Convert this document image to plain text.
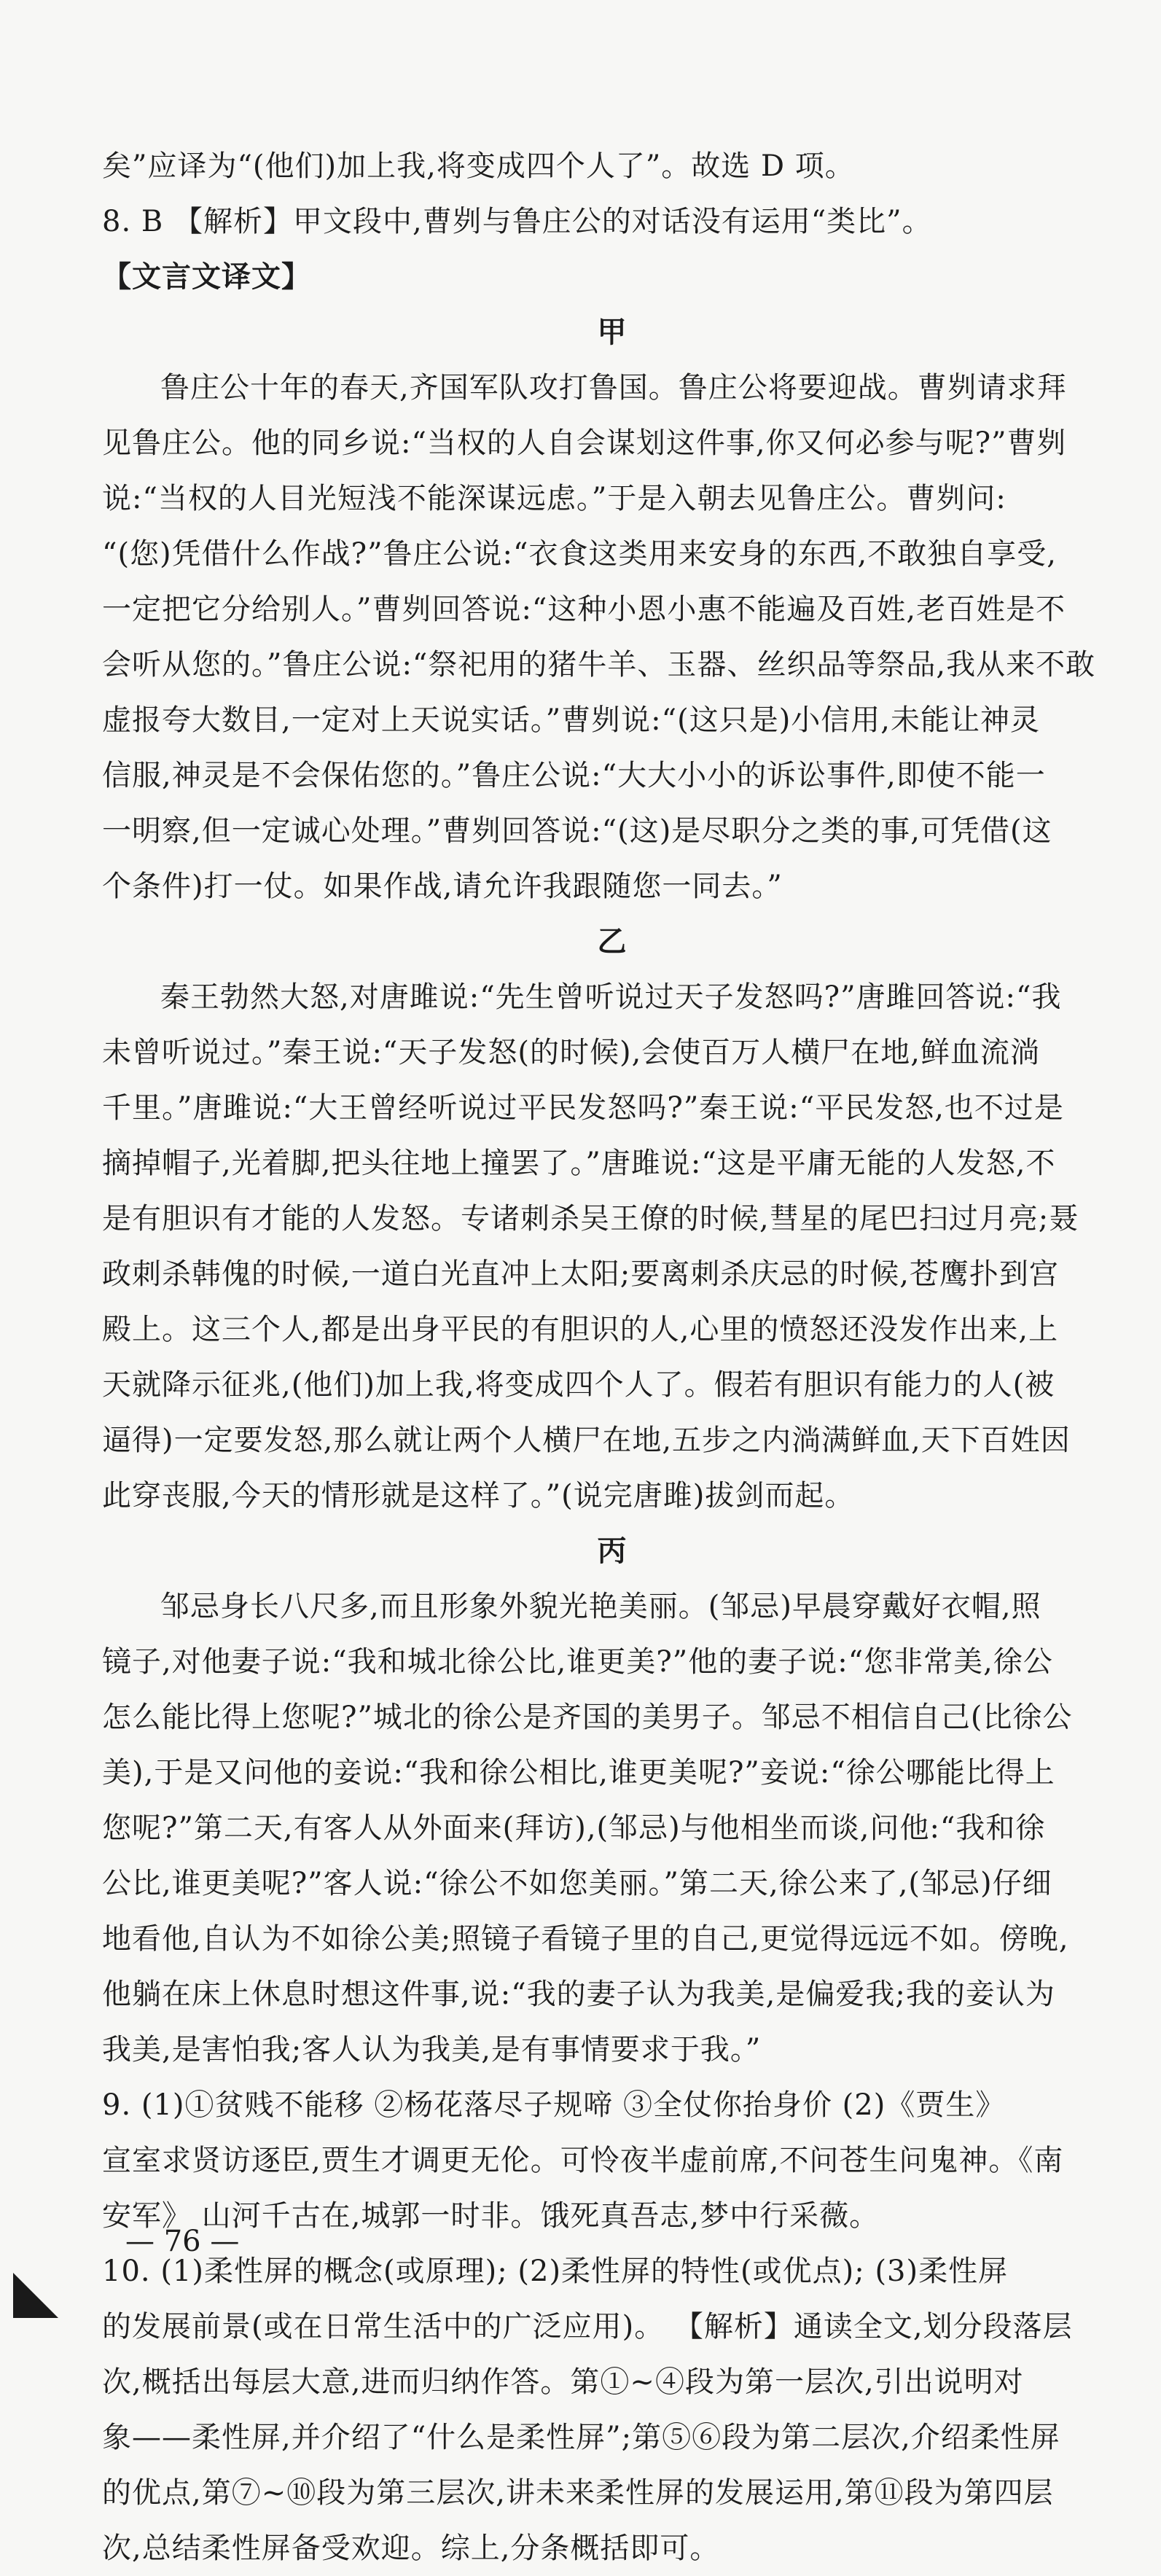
矣”应译为“(他们)加上我,将变成四个人了”。故选 D 项。

8. B 【解析】甲文段中,曹刿与鲁庄公的对话没有运用“类比”。

【文言文译文】

甲

鲁庄公十年的春天,齐国军队攻打鲁国。鲁庄公将要迎战。曹刿请求拜

见鲁庄公。他的同乡说:“当权的人自会谋划这件事,你又何必参与呢?”曹刿

说:“当权的人目光短浅不能深谋远虑。”于是入朝去见鲁庄公。曹刿问:

“(您)凭借什么作战?”鲁庄公说:“衣食这类用来安身的东西,不敢独自享受,

一定把它分给别人。”曹刿回答说:“这种小恩小惠不能遍及百姓,老百姓是不

会听从您的。”鲁庄公说:“祭祀用的猪牛羊、玉器、丝织品等祭品,我从来不敢

虚报夸大数目,一定对上天说实话。”曹刿说:“(这只是)小信用,未能让神灵

信服,神灵是不会保佑您的。”鲁庄公说:“大大小小的诉讼事件,即使不能一

一明察,但一定诚心处理。”曹刿回答说:“(这)是尽职分之类的事,可凭借(这

个条件)打一仗。如果作战,请允许我跟随您一同去。”

乙

秦王勃然大怒,对唐雎说:“先生曾听说过天子发怒吗?”唐雎回答说:“我

未曾听说过。”秦王说:“天子发怒(的时候),会使百万人横尸在地,鲜血流淌

千里。”唐雎说:“大王曾经听说过平民发怒吗?”秦王说:“平民发怒,也不过是

摘掉帽子,光着脚,把头往地上撞罢了。”唐雎说:“这是平庸无能的人发怒,不

是有胆识有才能的人发怒。专诸刺杀吴王僚的时候,彗星的尾巴扫过月亮;聂

政刺杀韩傀的时候,一道白光直冲上太阳;要离刺杀庆忌的时候,苍鹰扑到宫

殿上。这三个人,都是出身平民的有胆识的人,心里的愤怒还没发作出来,上

天就降示征兆,(他们)加上我,将变成四个人了。假若有胆识有能力的人(被

逼得)一定要发怒,那么就让两个人横尸在地,五步之内淌满鲜血,天下百姓因

此穿丧服,今天的情形就是这样了。”(说完唐雎)拔剑而起。

丙

邹忌身长八尺多,而且形象外貌光艳美丽。(邹忌)早晨穿戴好衣帽,照

镜子,对他妻子说:“我和城北徐公比,谁更美?”他的妻子说:“您非常美,徐公

怎么能比得上您呢?”城北的徐公是齐国的美男子。邹忌不相信自己(比徐公

美),于是又问他的妾说:“我和徐公相比,谁更美呢?”妾说:“徐公哪能比得上

您呢?”第二天,有客人从外面来(拜访),(邹忌)与他相坐而谈,问他:“我和徐

公比,谁更美呢?”客人说:“徐公不如您美丽。”第二天,徐公来了,(邹忌)仔细

地看他,自认为不如徐公美;照镜子看镜子里的自己,更觉得远远不如。傍晚,

他躺在床上休息时想这件事,说:“我的妻子认为我美,是偏爱我;我的妾认为

我美,是害怕我;客人认为我美,是有事情要求于我。”

9. (1)①贫贱不能移 ②杨花落尽子规啼 ③全仗你抬身价 (2)《贾生》

宣室求贤访逐臣,贾生才调更无伦。可怜夜半虚前席,不问苍生问鬼神。《南

安军》 山河千古在,城郭一时非。饿死真吾志,梦中行采薇。

10. (1)柔性屏的概念(或原理); (2)柔性屏的特性(或优点); (3)柔性屏

的发展前景(或在日常生活中的广泛应用)。 【解析】通读全文,划分段落层

次,概括出每层大意,进而归纳作答。第①~④段为第一层次,引出说明对

象——柔性屏,并介绍了“什么是柔性屏”;第⑤⑥段为第二层次,介绍柔性屏

的优点,第⑦~⑩段为第三层次,讲未来柔性屏的发展运用,第⑪段为第四层

次,总结柔性屏备受欢迎。综上,分条概括即可。

— 76 —
